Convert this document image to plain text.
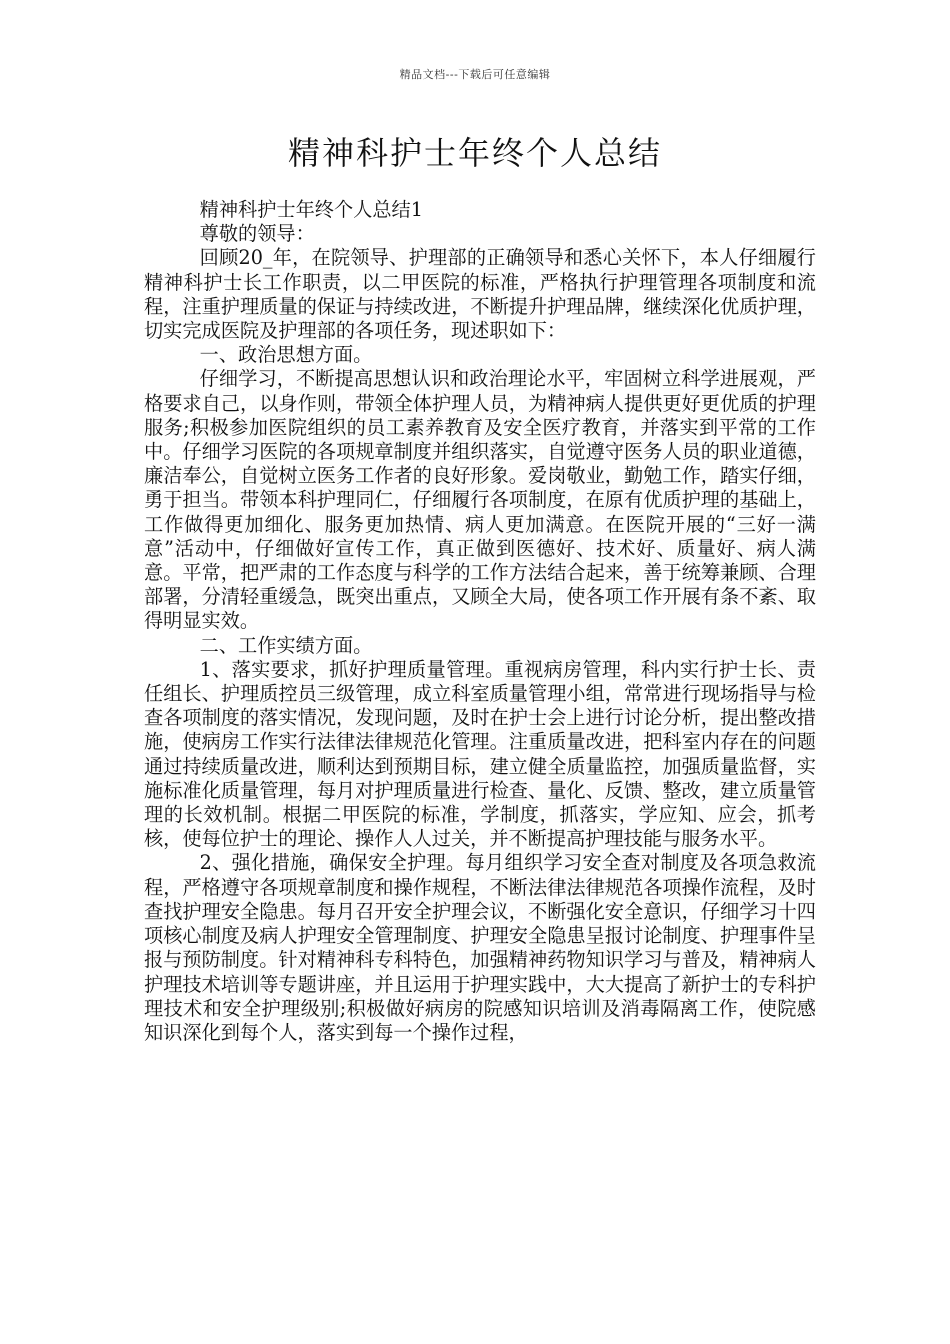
精品文档---下载后可任意编辑
精神科护士年终个人总结

精神科护士年终个人总结1

尊敬的领导：

回顾20_年，在院领导、护理部的正确领导和悉心关怀下，本人仔细履行精神科护士长工作职责，以二甲医院的标准，严格执行护理管理各项制度和流程，注重护理质量的保证与持续改进，不断提升护理品牌，继续深化优质护理，切实完成医院及护理部的各项任务，现述职如下：

一、政治思想方面。

仔细学习，不断提高思想认识和政治理论水平，牢固树立科学进展观，严格要求自己，以身作则，带领全体护理人员，为精神病人提供更好更优质的护理服务;积极参加医院组织的员工素养教育及安全医疗教育，并落实到平常的工作中。仔细学习医院的各项规章制度并组织落实，自觉遵守医务人员的职业道德，廉洁奉公，自觉树立医务工作者的良好形象。爱岗敬业，勤勉工作，踏实仔细，勇于担当。带领本科护理同仁，仔细履行各项制度，在原有优质护理的基础上，工作做得更加细化、服务更加热情、病人更加满意。在医院开展的“三好一满意”活动中，仔细做好宣传工作，真正做到医德好、技术好、质量好、病人满意。平常，把严肃的工作态度与科学的工作方法结合起来，善于统筹兼顾、合理部署，分清轻重缓急，既突出重点，又顾全大局，使各项工作开展有条不紊、取得明显实效。

二、工作实绩方面。

1、落实要求，抓好护理质量管理。重视病房管理，科内实行护士长、责任组长、护理质控员三级管理，成立科室质量管理小组，常常进行现场指导与检查各项制度的落实情况，发现问题，及时在护士会上进行讨论分析，提出整改措施，使病房工作实行法律法律规范化管理。注重质量改进，把科室内存在的问题通过持续质量改进，顺利达到预期目标，建立健全质量监控，加强质量监督，实施标准化质量管理，每月对护理质量进行检查、量化、反馈、整改，建立质量管理的长效机制。根据二甲医院的标准，学制度，抓落实，学应知、应会，抓考核，使每位护士的理论、操作人人过关，并不断提高护理技能与服务水平。

2、强化措施，确保安全护理。每月组织学习安全查对制度及各项急救流程，严格遵守各项规章制度和操作规程，不断法律法律规范各项操作流程，及时查找护理安全隐患。每月召开安全护理会议，不断强化安全意识，仔细学习十四项核心制度及病人护理安全管理制度、护理安全隐患呈报讨论制度、护理事件呈报与预防制度。针对精神科专科特色，加强精神药物知识学习与普及，精神病人护理技术培训等专题讲座，并且运用于护理实践中，大大提高了新护士的专科护理技术和安全护理级别;积极做好病房的院感知识培训及消毒隔离工作，使院感知识深化到每个人，落实到每一个操作过程，
